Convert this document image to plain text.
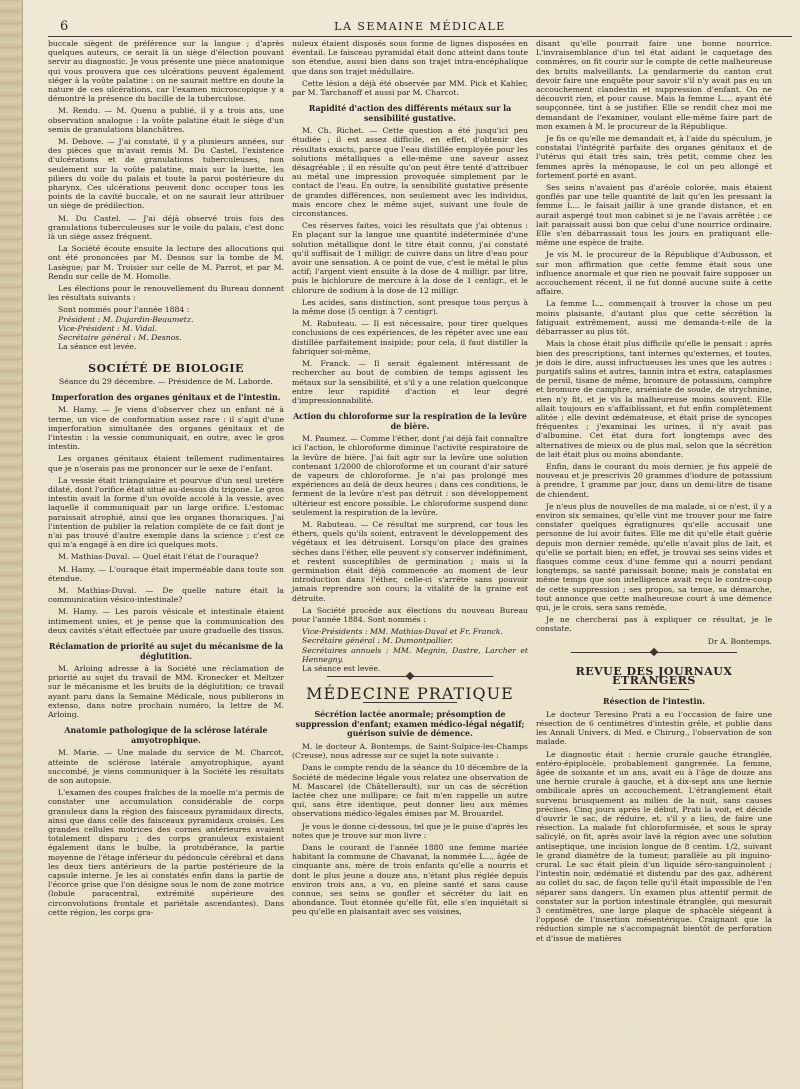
6	LA SEMAINE MÉDICALE

buccale siègent de préférence sur la langue ; d'après quelques auteurs, ce serait là un siège d'élection pouvant servir au diagnostic. Je vous présente une pièce anatomique qui vous prouvera que ces ulcérations peuvent également siéger à la voûte palatine : on ne saurait mettre en doute la nature de ces ulcérations, car l'examen microscopique y a démontré la présence du bacille de la tuberculose.

M. Rendu. — M. Quenu a publié, il y a trois ans, une observation analogue : la voûte palatine était le siège d'un semis de granulations blanchâtres.

M. Debove. — J'ai constaté, il y a plusieurs années, sur des pièces que m'avait remis M. Du Castel, l'existence d'ulcérations et de granulations tuberculeuses, non seulement sur la voûte palatine, mais sur la luette, les piliers du voile du palais et toute la paroi postérieure du pharynx. Ces ulcérations peuvent donc occuper tous les points de la cavité buccale, et on ne saurait leur attribuer un siège de prédilection.

M. Du Castel. — J'ai déjà observé trois fois des granulations tuberculeuses sur le voile du palais, c'est donc là un siège assez fréquent.

La Société écoute ensuite la lecture des allocutions qui ont été prononcées par M. Desnos sur la tombe de M. Lasègue; par M. Troisier sur celle de M. Parrot, et par M. Rendu sur celle de M. Homolle.

Les élections pour le renouvellement du Bureau donnent les résultats suivants :

Sont nommés pour l'année 1884 :
Président : M. Dujardin-Beaumetz.
Vice-Président : M. Vidal.
Secrétaire général : M. Desnos.
La séance est levée.
SOCIÉTÉ DE BIOLOGIE

Séance du 29 décembre. — Présidence de M. Laborde.

Imperforation des organes génitaux et de l'intestin.

M. Hamy. — Je viens d'observer chez un enfant né à terme, un vice de conformation assez rare : il s'agit d'une imperforation simultanée des organes génitaux et de l'intestin : la vessie communiquait, en outre, avec le gros intestin.

Les organes génitaux étaient tellement rudimentaires que je n'oserais pas me prononcer sur le sexe de l'enfant.

La vessie était triangulaire et pourvue d'un seul uretère dilaté, dont l'orifice était situé au-dessus du trigone. Le gros intestin avait la forme d'un ovoïde accolé à la vessie, avec laquelle il communiquait par un large orifice. L'estomac paraissait atrophié, ainsi que les organes thoraciques. J'ai l'intention de publier la relation complète de ce fait dont je n'ai pas trouvé d'autre exemple dans la science ; c'est ce qui m'a engagé à en dire ici quelques mots.

M. Mathias-Duval. — Quel était l'état de l'ouraque?

M. Hamy. — L'ouraque était imperméable dans toute son étendue.

M. Mathias-Duval. — De quelle nature était la communication vésico-intestinale?

M. Hamy. — Les parois vésicale et intestinale étaient intimement unies, et je pense que la communication des deux cavités s'était effectuée par usure graduelle des tissus.

Réclamation de priorité au sujet du mécanisme de la déglutition.

M. Arloing adresse à la Société une réclamation de priorité au sujet du travail de MM. Kronecker et Meltzer sur le mécanisme et les bruits de la déglutition; ce travail ayant paru dans la Semaine Médicale, nous publierons in extenso, dans notre prochain numéro, la lettre de M. Arloing.

Anatomie pathologique de la sclérose latérale amyotrophique.

M. Marie. — Une malade du service de M. Charcot, atteinte de sclérose latérale amyotrophique, ayant succombé, je viens communiquer à la Société les résultats de son autopsie.

L'examen des coupes fraîches de la moelle m'a permis de constater une accumulation considérable de corps granuleux dans la région des faisceaux pyramidaux directs, ainsi que dans celle des faisceaux pyramidaux croisés. Les grandes cellules motrices des cornes antérieures avaient totalement disparu ; des corps granuleux existaient également dans le bulbe, la protubérance, la partie moyenne de l'étage inférieur du pédoncule cérébral et dans les deux tiers antérieurs de la partie postérieure de la capsule interne. Je les ai constatés enfin dans la partie de l'écorce grise que l'on désigne sous le nom de zone motrice (lobule paracentral, extrémité supérieure des circonvolutions frontale et pariétale ascendantes). Dans cette région, les corps gra-

nuleux étaient disposés sous forme de lignes disposées en éventail. Le faisceau pyramidal était donc atteint dans toute son étendue, aussi bien dans son trajet intra-encéphalique que dans son trajet médullaire.

Cette lésion a déjà été observée par MM. Pick et Kahler, par M. Tarchanoff et aussi par M. Charcot.

Rapidité d'action des différents métaux sur la sensibilité gustative.

M. Ch. Richet. — Cette question a été jusqu'ici peu étudiée ; il est assez difficile, en effet, d'obtenir des résultats exacts, parce que l'eau distillée employée pour les solutions métalliques a elle-même une saveur assez désagréable ; il en résulte qu'on peut être tenté d'attribuer au métal une impression provoquée simplement par le contact de l'eau. En outre, la sensibilité gustative présente de grandes différences, non seulement avec les individus, mais encore chez le même sujet, suivant une foule de circonstances.

Ces réserves faites, voici les résultats que j'ai obtenus : En plaçant sur la langue une quantité indéterminée d'une solution métallique dont le titre était connu, j'ai constaté qu'il suffisait de 1 milligr. de cuivre dans un litre d'eau pour avoir une sensation. A ce point de vue, c'est le métal le plus actif; l'argent vient ensuite à la dose de 4 milligr. par litre, puis le bichlorure de mercure à la dose de 1 centigr., et le chlorure de sodium à la dose de 12 milligr.

Les acides, sans distinction, sont presque tous perçus à la même dose (5 centigr. à 7 centigr).

M. Rabuteau. — Il est nécessaire, pour tirer quelques conclusions de ces expériences, de les répéter avec une eau distillée parfaitement insipide; pour cela, il faut distiller la fabriquer soi-même.

M. Franck. — Il serait également intéressant de rechercher au bout de combien de temps agissent les métaux sur la sensibilité, et s'il y a une relation quelconque entre leur rapidité d'action et leur degré d'impressionnabilité.

Action du chloroforme sur la respiration de la levûre de bière.

M. Paumez. — Comme l'éther, dont j'ai déjà fait connaître ici l'action, le chloroforme diminue l'activité respiratoire de la levûre de bière. J'ai fait agir sur la levûre une solution contenant 1/2000 de chloroforme et un courant d'air saturé de vapeurs de chloroforme. Je n'ai pas prolongé mes expériences au delà de deux heures ; dans ces conditions, le ferment de la levûre n'est pas détruit : son développement ultérieur est encore possible. Le chloroforme suspend donc seulement la respiration de la levûre.

M. Rabuteau. — Ce résultat me surprend, car tous les éthers, quels qu'ils soient, entravent le développement des végétaux et les détruisent. Lorsqu'on place des graines sèches dans l'éther, elle peuvent s'y conserver indéfiniment, et restent susceptibles de germination ; mais si la germination était déjà commencée au moment de leur introduction dans l'éther, celle-ci s'arrête sans pouvoir jamais reprendre son cours; la vitalité de la graine est détruite.

La Société procède aux élections du nouveau Bureau pour l'année 1884. Sont nommés :

Vice-Présidents : MM. Mathias-Duval et Fr. Franck.
Secrétaire général : M. Dumontpallier.
Secrétaires annuels : MM. Megnin, Dastre, Larcher et Hennegny.
La séance est levée.
MÉDECINE PRATIQUE
Sécrétion lactée anormale; présomption de suppression d'enfant; examen médico-légal négatif; guérison suivie de démence.

M. le docteur A. Bontemps, de Saint-Sulpice-les-Champs (Creuse), nous adresse sur ce sujet la note suivante :

Dans le compte rendu de la séance du 10 décembre de la Société de médecine légale vous relatez une observation de M. Mascarel (de Châtellerault), sur un cas de sécrétion lactée chez une nullipare; ce fait m'en rappelle un autre qui, sans être identique, peut donner lieu aux mêmes observations médico-légales émises par M. Brouardel.

Je vous le donne ci-dessous, tel que je le puise d'après les notes que je trouve sur mon livre :

Dans le courant de l'année 1880 une femme mariée habitant la commune de Chavanat, la nommée L..., âgée de cinquante ans, mère de trois enfants qu'elle a nourris et dont le plus jeune a douze ans, n'étant plus réglée depuis environ trois ans, a vu, en pleine santé et sans cause connue, ses seins se gonfler et sécréter du lait en abondance. Tout étonnée qu'elle fût, elle s'en inquiétait si peu qu'elle en plaisantait avec ses voisines,

disant qu'elle pourrait faire une bonne nourrice. L'invraisemblance d'un tel état aidant le caquetage des commères, on fit courir sur le compte de cette malheureuse des bruits malveillants. La gendarmerie du canton crut devoir faire une enquête pour savoir s'il n'y avait pas eu un accouchement clandestin et suppression d'enfant. On ne découvrit rien, et pour cause. Mais la femme L..., ayant été soupçonnée, tint à se justifier. Elle se rendit chez moi me demandant de l'examiner, voulant elle-même faire part de mon examen à M. le procureur de la République.

Je fis ce qu'elle me demandait et, à l'aide du spéculum, je constatai l'intégrité parfaite des organes génitaux et de l'utérus qui était très sain, très petit, comme chez les femmes après la ménopause, le col un peu allongé et fortement porté en avant.

Ses seins n'avaient pas d'aréole colorée, mais étaient gonflés par une telle quantité de lait qu'en les pressant la femme L... le faisait jaillir à une grande distance, et en aurait aspergé tout mon cabinet si je ne l'avais arrêtée ; ce lait paraissait aussi bon que celui d'une nourrice ordinaire. Elle s'en débarrassait tous les jours en pratiquant elle-même une espèce de traite.

Je vis M. le procureur de la République d'Aubusson, et sur mon affirmation que cette femme était sous une influence anormale et que rien ne pouvait faire supposer un accouchement récent, il ne fut donné aucune suite à cette affaire.

La femme L... commençait à trouver la chose un peu moins plaisante, d'autant plus que cette sécrétion la fatiguait extrêmement, aussi me demanda-t-elle de la débarrasser au plus tôt.

Mais la chose était plus difficile qu'elle le pensait : après bien des prescriptions, tant internes qu'externes, et toutes, je dois le dire, aussi infructueuses les unes que les autres : purgatifs salins et autres, tannin intra et extra, cataplasmes de persil, tisane de même, bromure de potassium, camphre et bromure de camphre, arséniate de soude, de strychnine, rien n'y fit, et je vis la malheureuse moins souvent. Elle allait toujours en s'affaiblissant, et fut enfin complètement alitée ; elle devint œdémateuse, et était prise de syncopes fréquentes ; j'examinai les urines, il n'y avait pas d'albumine. Cet état dura fort longtemps avec des alternatives de mieux ou de plus mal, selon que la sécrétion de lait était plus ou moins abondante.

Enfin, dans le courant du mois dernier, je fus appelé de nouveau et je prescrivis 20 grammes d'iodure de potassium à prendre, 1 gramme par jour, dans un demi-litre de tisane de chiendent.

Je n'eus plus de nouvelles de ma malade, si ce n'est, il y a environ six semaines, qu'elle vint me trouver pour me faire constater quelques égratignures qu'elle accusait une personne de lui avoir faites. Elle me dit qu'elle était guérie depuis mon dernier remède, qu'elle n'avait plus de lait, et qu'elle se portait bien; en effet, je trouvai ses seins vides et flasques comme ceux d'une femme qui a nourri pendant longtemps, sa santé paraissait bonne; mais je constatai en même temps que son intelligence avait reçu le contre-coup de cette suppression ; ses propos, sa tenue, sa démarche, tout annonce que cette malheureuse court à une démence qui, je le crois, sera sans remède.

Je ne chercherai pas à expliquer ce résultat, je le constate.

Dr A. Bontemps.
REVUE DES JOURNAUX ÉTRANGERS
Résection de l'intestin.

Le docteur Teresino Prati a eu l'occasion de faire une résection de 6 centimètres d'intestin grêle, et publie dans les Annali Univers. di Med. e Chirurg., l'observation de son malade.

Le diagnostic était : hernie crurale gauche étranglée, entéro-épiplocèle, probablement gangrenée. La femme, âgée de soixante et un ans, avait eu à l'âge de douze ans une hernie crurale à gauche, et à dix-sept ans une hernie ombilicale après un accouchement. L'étranglement était survenu brusquement au milieu de la nuit, sans causes précises. Cinq jours après le début, Prati la voit, et décide d'ouvrir le sac, de réduire, et, s'il y a lieu, de faire une résection. La malade fut chloroformisée, et sous le spray salicylé, on fit, après avoir lavé la région avec une solution antiseptique, une incision longue de 8 centim. 1/2, suivant le grand diamètre de la tumeur, parallèle au pli inguino-crural. Le sac était plein d'un liquide séro-sanguinolent ; l'intestin noir, œdématié et distendu par des gaz, adhérent au collet du sac, de façon telle qu'il était impossible de l'en séparer sans dangers. Un examen plus attentif permit de constater sur la portion intestinale étranglée, qui mesurait 3 centimètres, une large plaque de sphacèle siégeant à l'opposé de l'insertion mésentérique. Craignant que la réduction simple ne s'accompagnât bientôt de perforation et d'issue de matières
